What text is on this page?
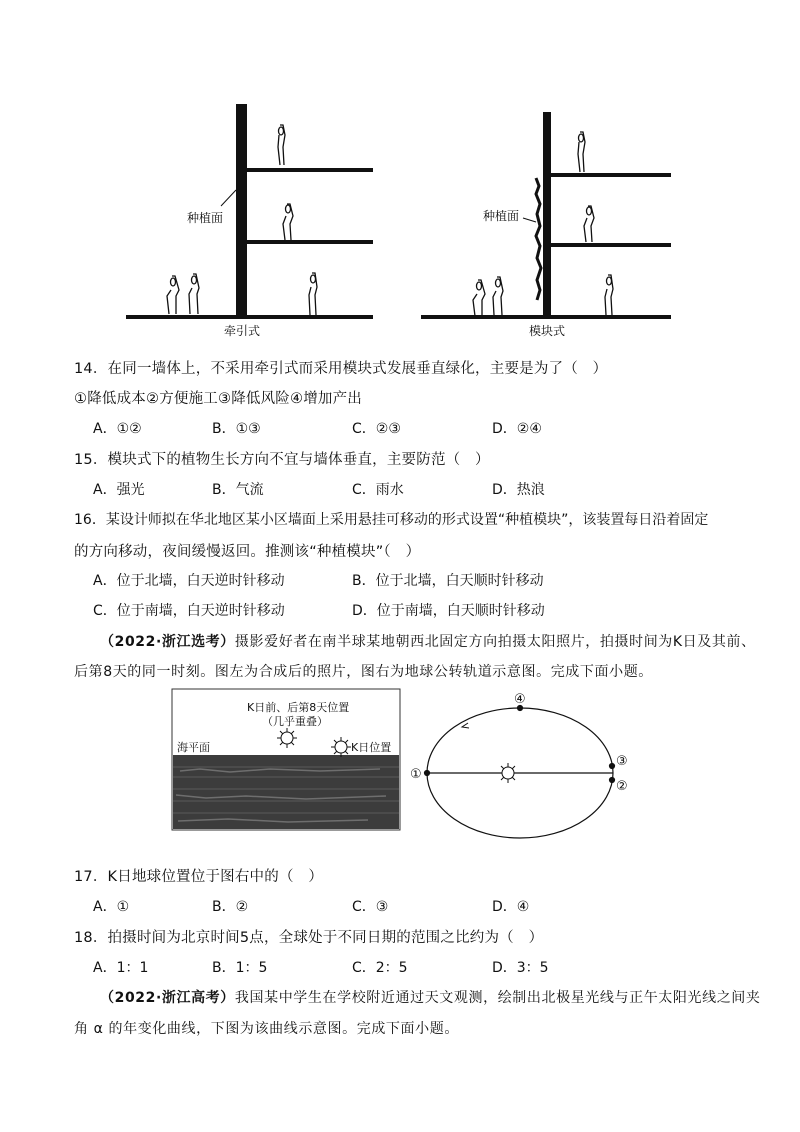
种植面
牵引式
种植面
模块式
14．在同一墙体上，不采用牵引式而采用模块式发展垂直绿化，主要是为了（　）
①降低成本②方便施工③降低风险④增加产出
A．①②	B．①③	C．②③	D．②④
15．模块式下的植物生长方向不宜与墙体垂直，主要防范（　）
A．强光	B．气流	C．雨水	D．热浪
16．某设计师拟在华北地区某小区墙面上采用悬挂可移动的形式设置“种植模块”，该装置每日沿着固定
的方向移动，夜间缓慢返回。推测该“种植模块”（　）
A．位于北墙，白天逆时针移动	B．位于北墙，白天顺时针移动
C．位于南墙，白天逆时针移动	D．位于南墙，白天顺时针移动
（2022·浙江选考）摄影爱好者在南半球某地朝西北固定方向拍摄太阳照片，拍摄时间为K日及其前、
后第8天的同一时刻。图左为合成后的照片，图右为地球公转轨道示意图。完成下面小题。
K日前、后第8天位置
（几乎重叠）
海平面	K日位置
①
②
③
④
17．K日地球位置位于图右中的（　）
A．①	B．②	C．③	D．④
18．拍摄时间为北京时间5点，全球处于不同日期的范围之比约为（　）
A．1：1	B．1：5	C．2：5	D．3：5
（2022·浙江高考）我国某中学生在学校附近通过天文观测，绘制出北极星光线与正午太阳光线之间夹
角 α 的年变化曲线，下图为该曲线示意图。完成下面小题。
